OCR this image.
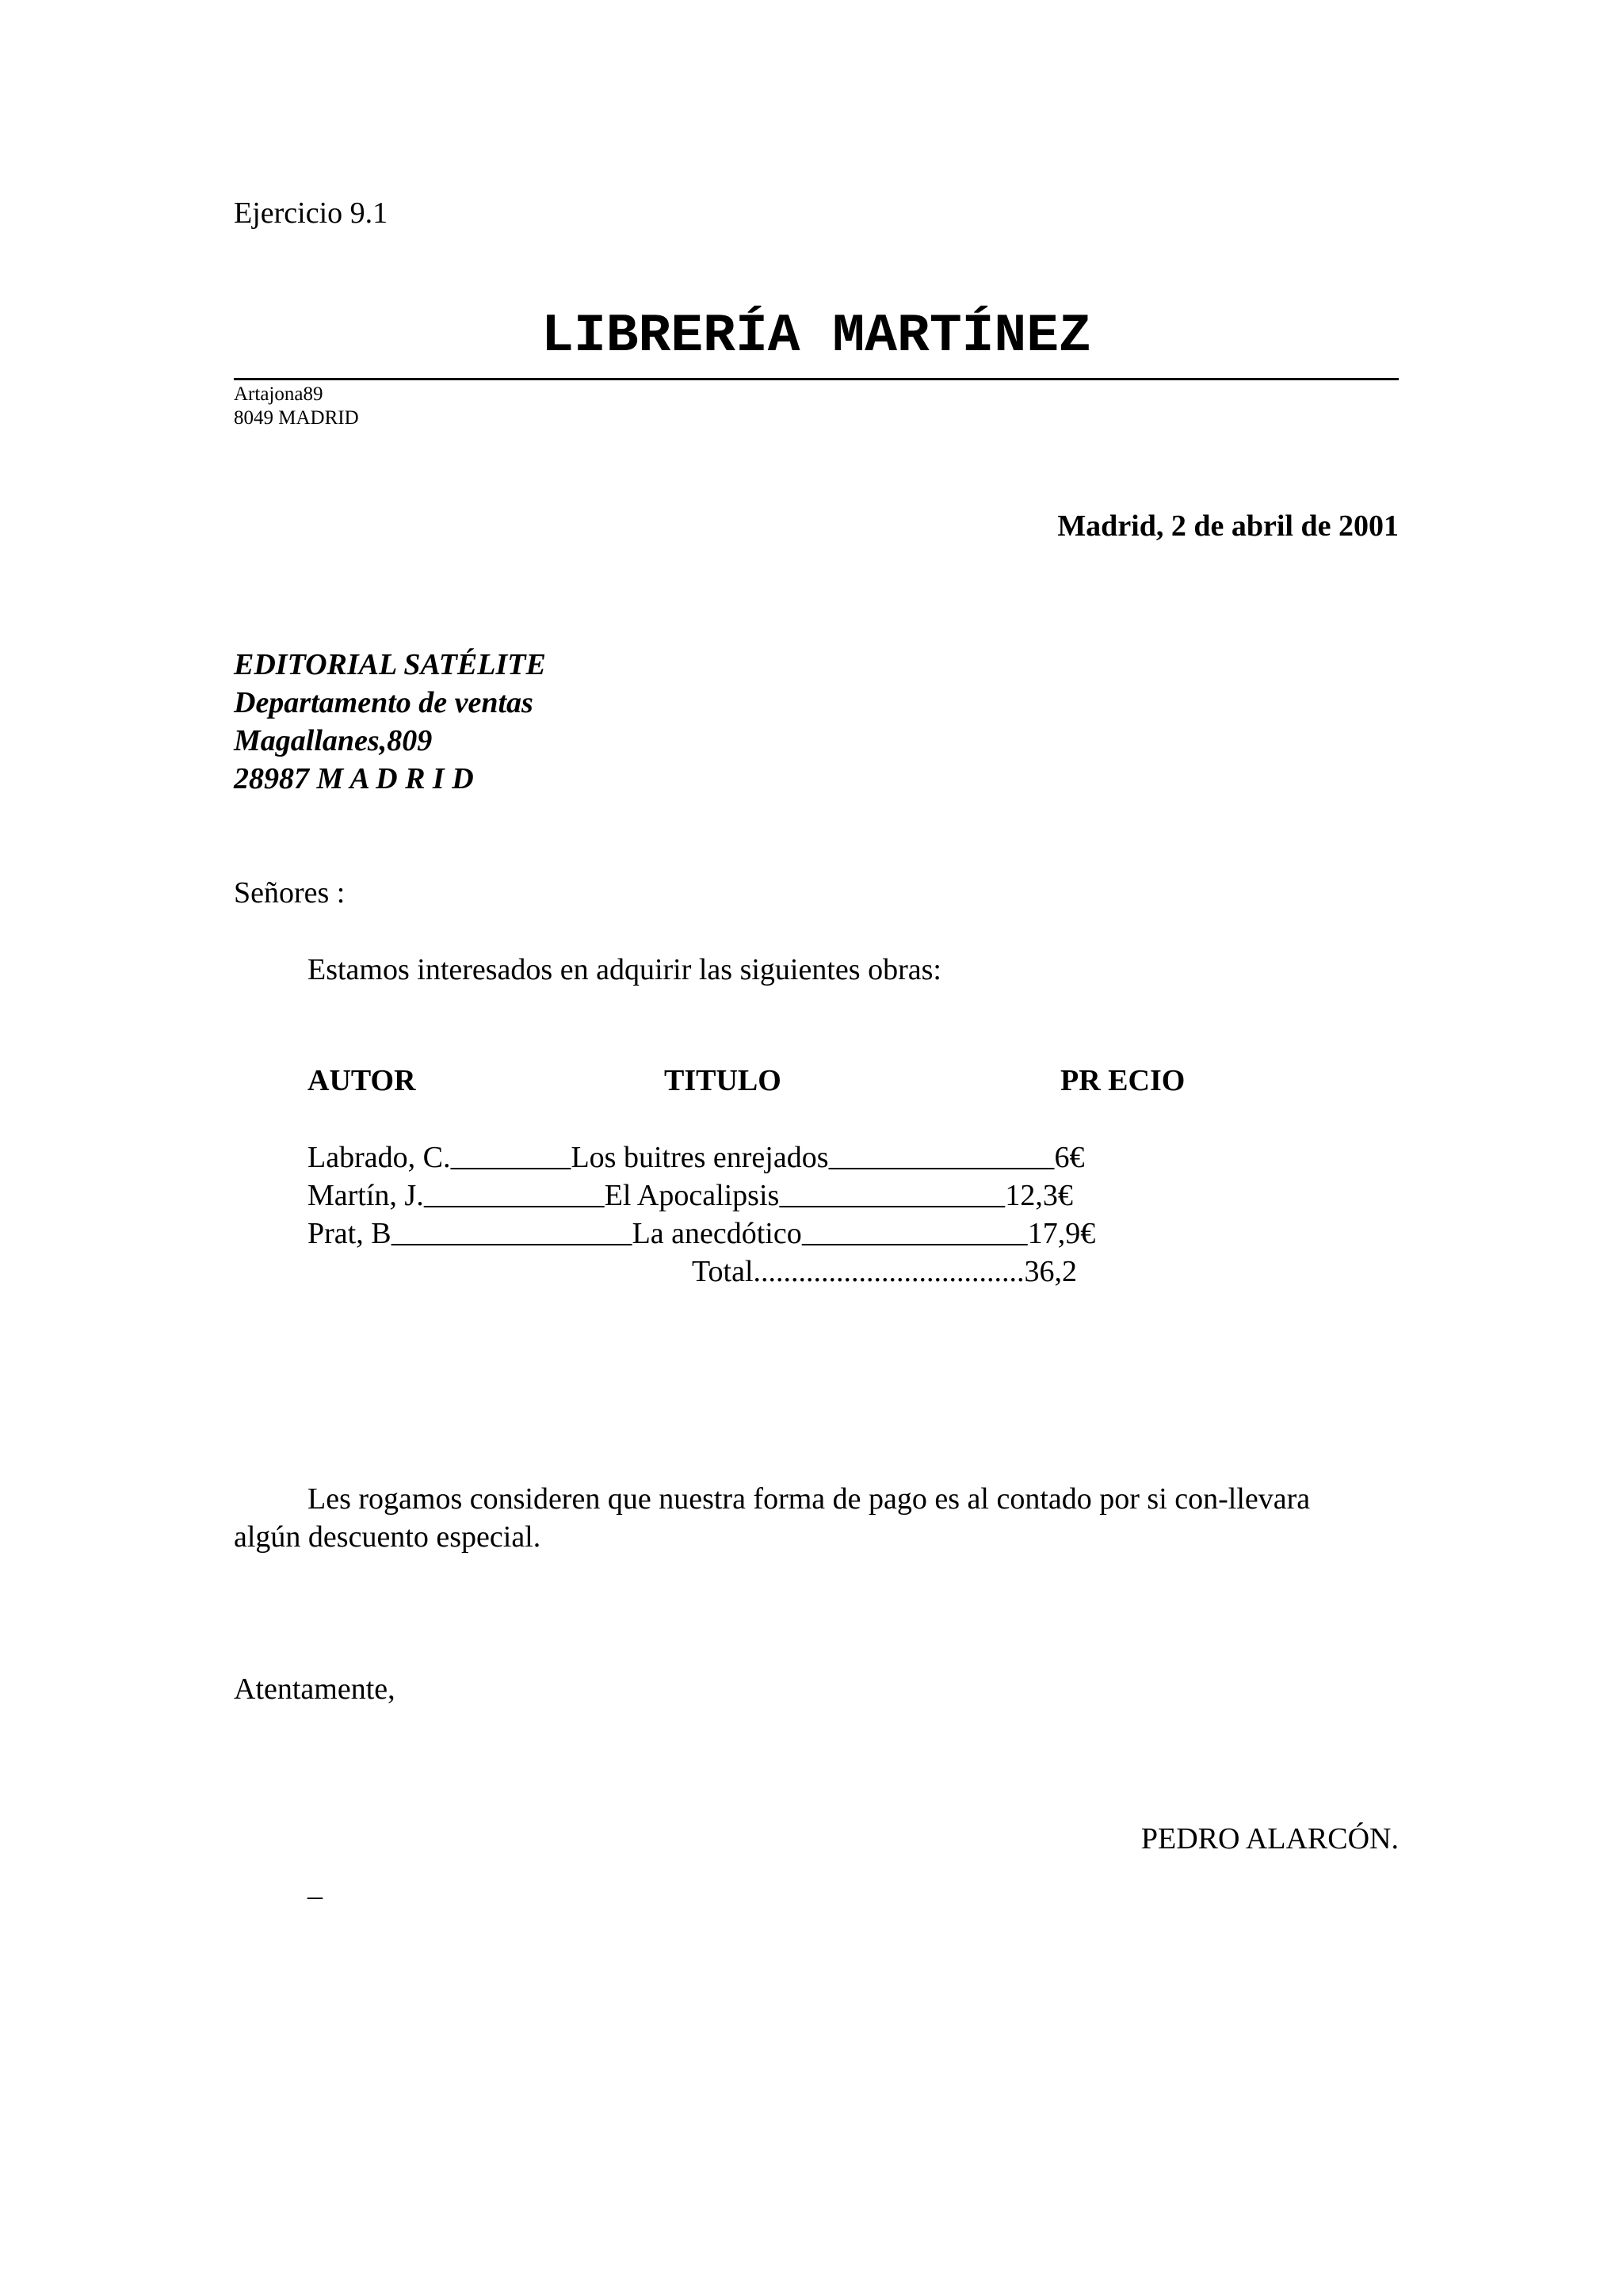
Ejercicio 9.1
LIBRERÍA MARTÍNEZ
Artajona89
8049 MADRID
Madrid, 2 de abril de 2001
EDITORIAL SATÉLITE
Departamento de ventas
Magallanes,809
28987 M A D R I D
Señores :
Estamos interesados en adquirir las siguientes obras:
AUTOR	TITULO	PR ECIO
Labrado, C.        	Los buitres enrejados               	6€
Martín, J.            	El Apocalipsis               	12,3€
Prat, B                	La anecdótico               	17,9€
Total....................................36,2
Les rogamos consideren que nuestra forma de pago es al contado por si con-llevara algún descuento especial.
Atentamente,
PEDRO ALARCÓN.
_
